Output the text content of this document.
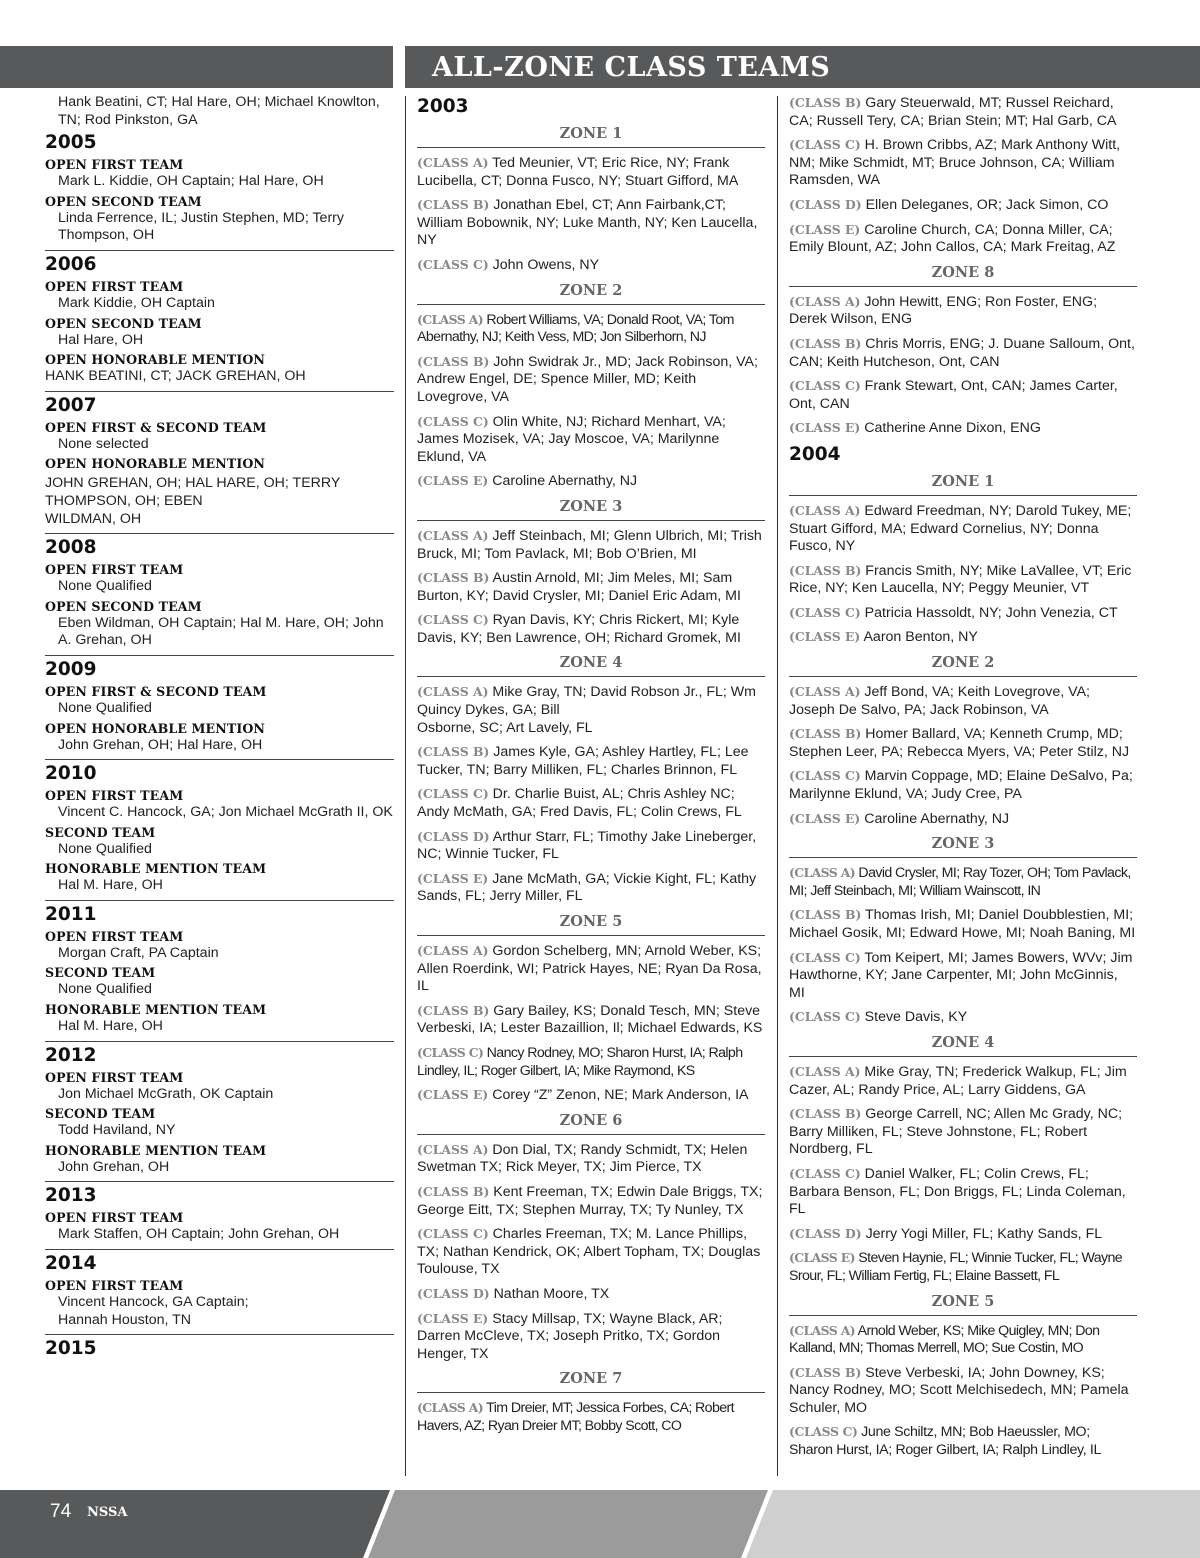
ALL-ZONE CLASS TEAMS
Hank Beatini, CT; Hal Hare, OH; Michael Knowlton, TN; Rod Pinkston, GA
2005
OPEN FIRST TEAM
Mark L. Kiddie, OH Captain; Hal Hare, OH
OPEN SECOND TEAM
Linda Ferrence, IL; Justin Stephen, MD; Terry Thompson, OH
2006
OPEN FIRST TEAM
Mark Kiddie, OH Captain
OPEN SECOND TEAM
Hal Hare, OH
OPEN HONORABLE MENTION
HANK BEATINI, CT; JACK GREHAN, OH
2007
OPEN FIRST & SECOND TEAM
None selected
OPEN HONORABLE MENTION
JOHN GREHAN, OH; HAL HARE, OH; TERRY THOMPSON, OH; EBEN
WILDMAN, OH
2008
OPEN FIRST TEAM
None Qualified
OPEN SECOND TEAM
Eben Wildman, OH Captain; Hal M. Hare, OH; John A. Grehan, OH
2009
OPEN FIRST & SECOND TEAM
None Qualified
OPEN HONORABLE MENTION
John Grehan, OH; Hal Hare, OH
2010
OPEN FIRST TEAM
Vincent C. Hancock, GA; Jon Michael McGrath II, OK
SECOND TEAM
None Qualified
HONORABLE MENTION TEAM
Hal M. Hare, OH
2011
OPEN FIRST TEAM
Morgan Craft, PA Captain
SECOND TEAM
None Qualified
HONORABLE MENTION TEAM
Hal M. Hare, OH
2012
OPEN FIRST TEAM
Jon Michael McGrath, OK Captain
SECOND TEAM
Todd Haviland, NY
HONORABLE MENTION TEAM
John Grehan, OH
2013
OPEN FIRST TEAM
Mark Staffen, OH Captain; John Grehan, OH
2014
OPEN FIRST TEAM
Vincent Hancock, GA Captain;
Hannah Houston, TN
2015
2003
ZONE 1
(CLASS A) Ted Meunier, VT; Eric Rice, NY; Frank Lucibella, CT; Donna Fusco, NY; Stuart Gifford, MA
(CLASS B) Jonathan Ebel, CT; Ann Fairbank,CT; William Bobownik, NY; Luke Manth, NY; Ken Laucella, NY
(CLASS C) John Owens, NY
ZONE 2
(CLASS A) Robert Williams, VA; Donald Root, VA; Tom Abernathy, NJ; Keith Vess, MD; Jon Silberhorn, NJ
(CLASS B) John Swidrak Jr., MD; Jack Robinson, VA; Andrew Engel, DE; Spence Miller, MD; Keith Lovegrove, VA
(CLASS C) Olin White, NJ; Richard Menhart, VA; James Mozisek, VA; Jay Moscoe, VA; Marilynne Eklund, VA
(CLASS E) Caroline Abernathy, NJ
ZONE 3
(CLASS A) Jeff Steinbach, MI; Glenn Ulbrich, MI; Trish Bruck, MI; Tom Pavlack, MI; Bob O’Brien, MI
(CLASS B) Austin Arnold, MI; Jim Meles, MI; Sam Burton, KY; David Crysler, MI; Daniel Eric Adam, MI
(CLASS C) Ryan Davis, KY; Chris Rickert, MI; Kyle Davis, KY; Ben Lawrence, OH; Richard Gromek, MI
ZONE 4
(CLASS A) Mike Gray, TN; David Robson Jr., FL; Wm Quincy Dykes, GA; Bill
Osborne, SC; Art Lavely, FL
(CLASS B) James Kyle, GA; Ashley Hartley, FL; Lee Tucker, TN; Barry Milliken, FL; Charles Brinnon, FL
(CLASS C) Dr. Charlie Buist, AL; Chris Ashley NC; Andy McMath, GA; Fred Davis, FL; Colin Crews, FL
(CLASS D) Arthur Starr, FL; Timothy Jake Lineberger, NC; Winnie Tucker, FL
(CLASS E) Jane McMath, GA; Vickie Kight, FL; Kathy Sands, FL; Jerry Miller, FL
ZONE 5
(CLASS A) Gordon Schelberg, MN; Arnold Weber, KS; Allen Roerdink, WI; Patrick Hayes, NE; Ryan Da Rosa, IL
(CLASS B) Gary Bailey, KS; Donald Tesch, MN; Steve Verbeski, IA; Lester Bazaillion, Il; Michael Edwards, KS
(CLASS C) Nancy Rodney, MO; Sharon Hurst, IA; Ralph Lindley, IL; Roger Gilbert, IA; Mike Raymond, KS
(CLASS E) Corey “Z” Zenon, NE; Mark Anderson, IA
ZONE 6
(CLASS A) Don Dial, TX; Randy Schmidt, TX; Helen Swetman TX; Rick Meyer, TX; Jim Pierce, TX
(CLASS B) Kent Freeman, TX; Edwin Dale Briggs, TX; George Eitt, TX; Stephen Murray, TX; Ty Nunley, TX
(CLASS C) Charles Freeman, TX; M. Lance Phillips, TX; Nathan Kendrick, OK; Albert Topham, TX; Douglas Toulouse, TX
(CLASS D) Nathan Moore, TX
(CLASS E) Stacy Millsap, TX; Wayne Black, AR; Darren McCleve, TX; Joseph Pritko, TX; Gordon Henger, TX
ZONE 7
(CLASS A) Tim Dreier, MT; Jessica Forbes, CA; Robert Havers, AZ; Ryan Dreier MT; Bobby Scott, CO
(CLASS B) Gary Steuerwald, MT; Russel Reichard, CA; Russell Tery, CA; Brian Stein; MT; Hal Garb, CA
(CLASS C) H. Brown Cribbs, AZ; Mark Anthony Witt, NM; Mike Schmidt, MT; Bruce Johnson, CA; William Ramsden, WA
(CLASS D) Ellen Deleganes, OR; Jack Simon, CO
(CLASS E) Caroline Church, CA; Donna Miller, CA; Emily Blount, AZ; John Callos, CA; Mark Freitag, AZ
ZONE 8
(CLASS A) John Hewitt, ENG; Ron Foster, ENG; Derek Wilson, ENG
(CLASS B) Chris Morris, ENG; J. Duane Salloum, Ont, CAN; Keith Hutcheson, Ont, CAN
(CLASS C) Frank Stewart, Ont, CAN; James Carter, Ont, CAN
(CLASS E) Catherine Anne Dixon, ENG
2004
ZONE 1
(CLASS A) Edward Freedman, NY; Darold Tukey, ME; Stuart Gifford, MA; Edward Cornelius, NY; Donna Fusco, NY
(CLASS B) Francis Smith, NY; Mike LaVallee, VT; Eric Rice, NY; Ken Laucella, NY; Peggy Meunier, VT
(CLASS C) Patricia Hassoldt, NY; John Venezia, CT
(CLASS E) Aaron Benton, NY
ZONE 2
(CLASS A) Jeff Bond, VA; Keith Lovegrove, VA; Joseph De Salvo, PA; Jack Robinson, VA
(CLASS B) Homer Ballard, VA; Kenneth Crump, MD; Stephen Leer, PA; Rebecca Myers, VA; Peter Stilz, NJ
(CLASS C) Marvin Coppage, MD; Elaine DeSalvo, Pa; Marilynne Eklund, VA; Judy Cree, PA
(CLASS E) Caroline Abernathy, NJ
ZONE 3
(CLASS A) David Crysler, MI; Ray Tozer, OH; Tom Pavlack, MI; Jeff Steinbach, MI; William Wainscott, IN
(CLASS B) Thomas Irish, MI; Daniel Doubblestien, MI; Michael Gosik, MI; Edward Howe, MI; Noah Baning, MI
(CLASS C) Tom Keipert, MI; James Bowers, WVv; Jim Hawthorne, KY; Jane Carpenter, MI; John McGinnis, MI
(CLASS C) Steve Davis, KY
ZONE 4
(CLASS A) Mike Gray, TN; Frederick Walkup, FL; Jim Cazer, AL; Randy Price, AL; Larry Giddens, GA
(CLASS B) George Carrell, NC; Allen Mc Grady, NC; Barry Milliken, FL; Steve Johnstone, FL; Robert Nordberg, FL
(CLASS C) Daniel Walker, FL; Colin Crews, FL; Barbara Benson, FL; Don Briggs, FL; Linda Coleman, FL
(CLASS D) Jerry Yogi Miller, FL; Kathy Sands, FL
(CLASS E) Steven Haynie, FL; Winnie Tucker, FL; Wayne Srour, FL; William Fertig, FL; Elaine Bassett, FL
ZONE 5
(CLASS A) Arnold Weber, KS; Mike Quigley, MN; Don Kalland, MN; Thomas Merrell, MO; Sue Costin, MO
(CLASS B) Steve Verbeski, IA; John Downey, KS; Nancy Rodney, MO; Scott Melchisedech, MN; Pamela Schuler, MO
(CLASS C) June Schiltz, MN; Bob Haeussler, MO; Sharon Hurst, IA; Roger Gilbert, IA; Ralph Lindley, IL
74 NSSA
